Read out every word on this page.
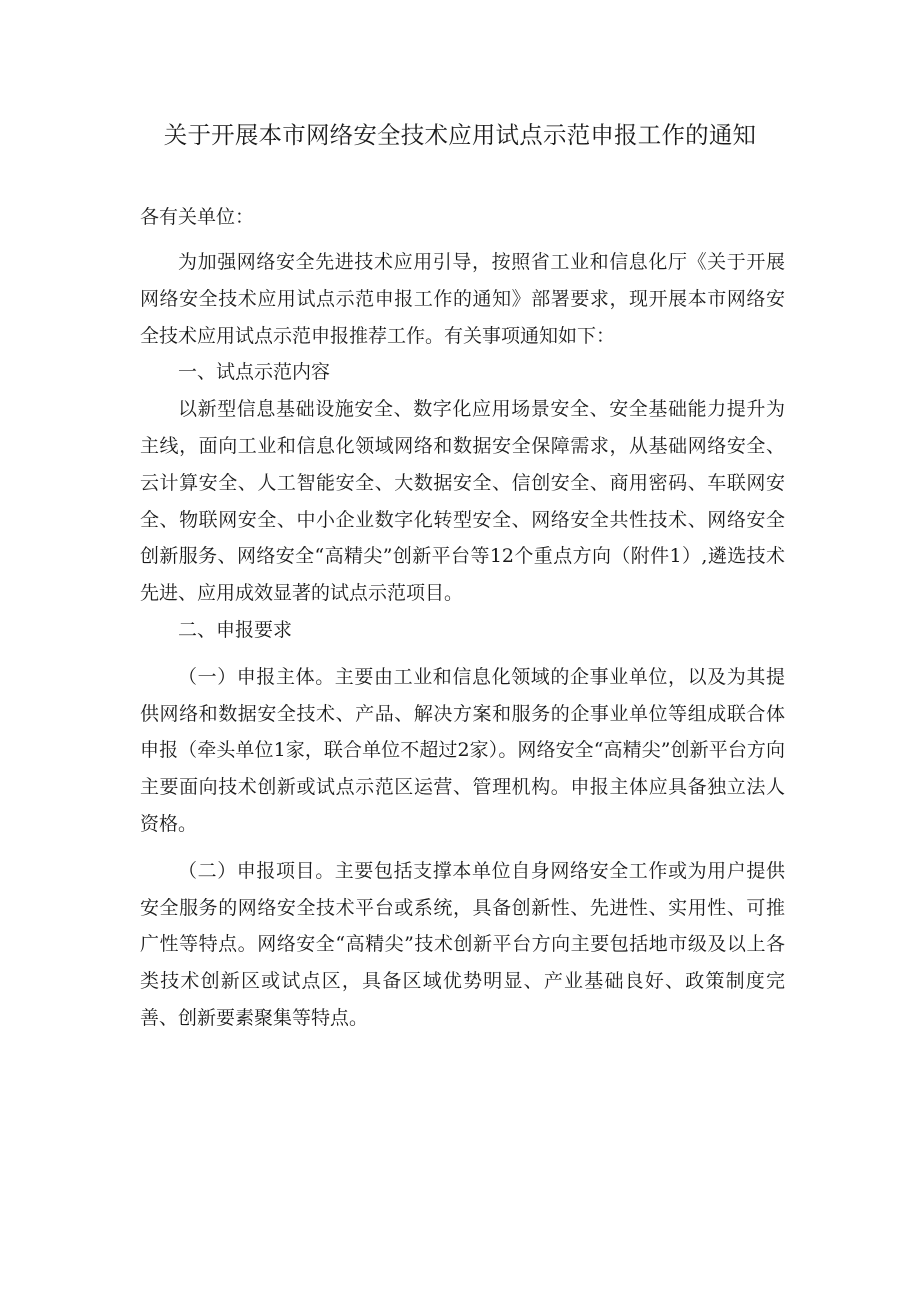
关于开展本市网络安全技术应用试点示范申报工作的通知

各有关单位：

为加强网络安全先进技术应用引导，按照省工业和信息化厅《关于开展网络安全技术应用试点示范申报工作的通知》部署要求，现开展本市网络安全技术应用试点示范申报推荐工作。有关事项通知如下：

一、试点示范内容

以新型信息基础设施安全、数字化应用场景安全、安全基础能力提升为主线，面向工业和信息化领域网络和数据安全保障需求，从基础网络安全、云计算安全、人工智能安全、大数据安全、信创安全、商用密码、车联网安全、物联网安全、中小企业数字化转型安全、网络安全共性技术、网络安全创新服务、网络安全“高精尖”创新平台等12个重点方向（附件1）,遴选技术先进、应用成效显著的试点示范项目。

二、申报要求

（一）申报主体。主要由工业和信息化领域的企事业单位，以及为其提供网络和数据安全技术、产品、解决方案和服务的企事业单位等组成联合体申报（牵头单位1家，联合单位不超过2家）。网络安全“高精尖”创新平台方向主要面向技术创新或试点示范区运营、管理机构。申报主体应具备独立法人资格。

（二）申报项目。主要包括支撑本单位自身网络安全工作或为用户提供安全服务的网络安全技术平台或系统，具备创新性、先进性、实用性、可推广性等特点。网络安全“高精尖”技术创新平台方向主要包括地市级及以上各类技术创新区或试点区，具备区域优势明显、产业基础良好、政策制度完善、创新要素聚集等特点。
